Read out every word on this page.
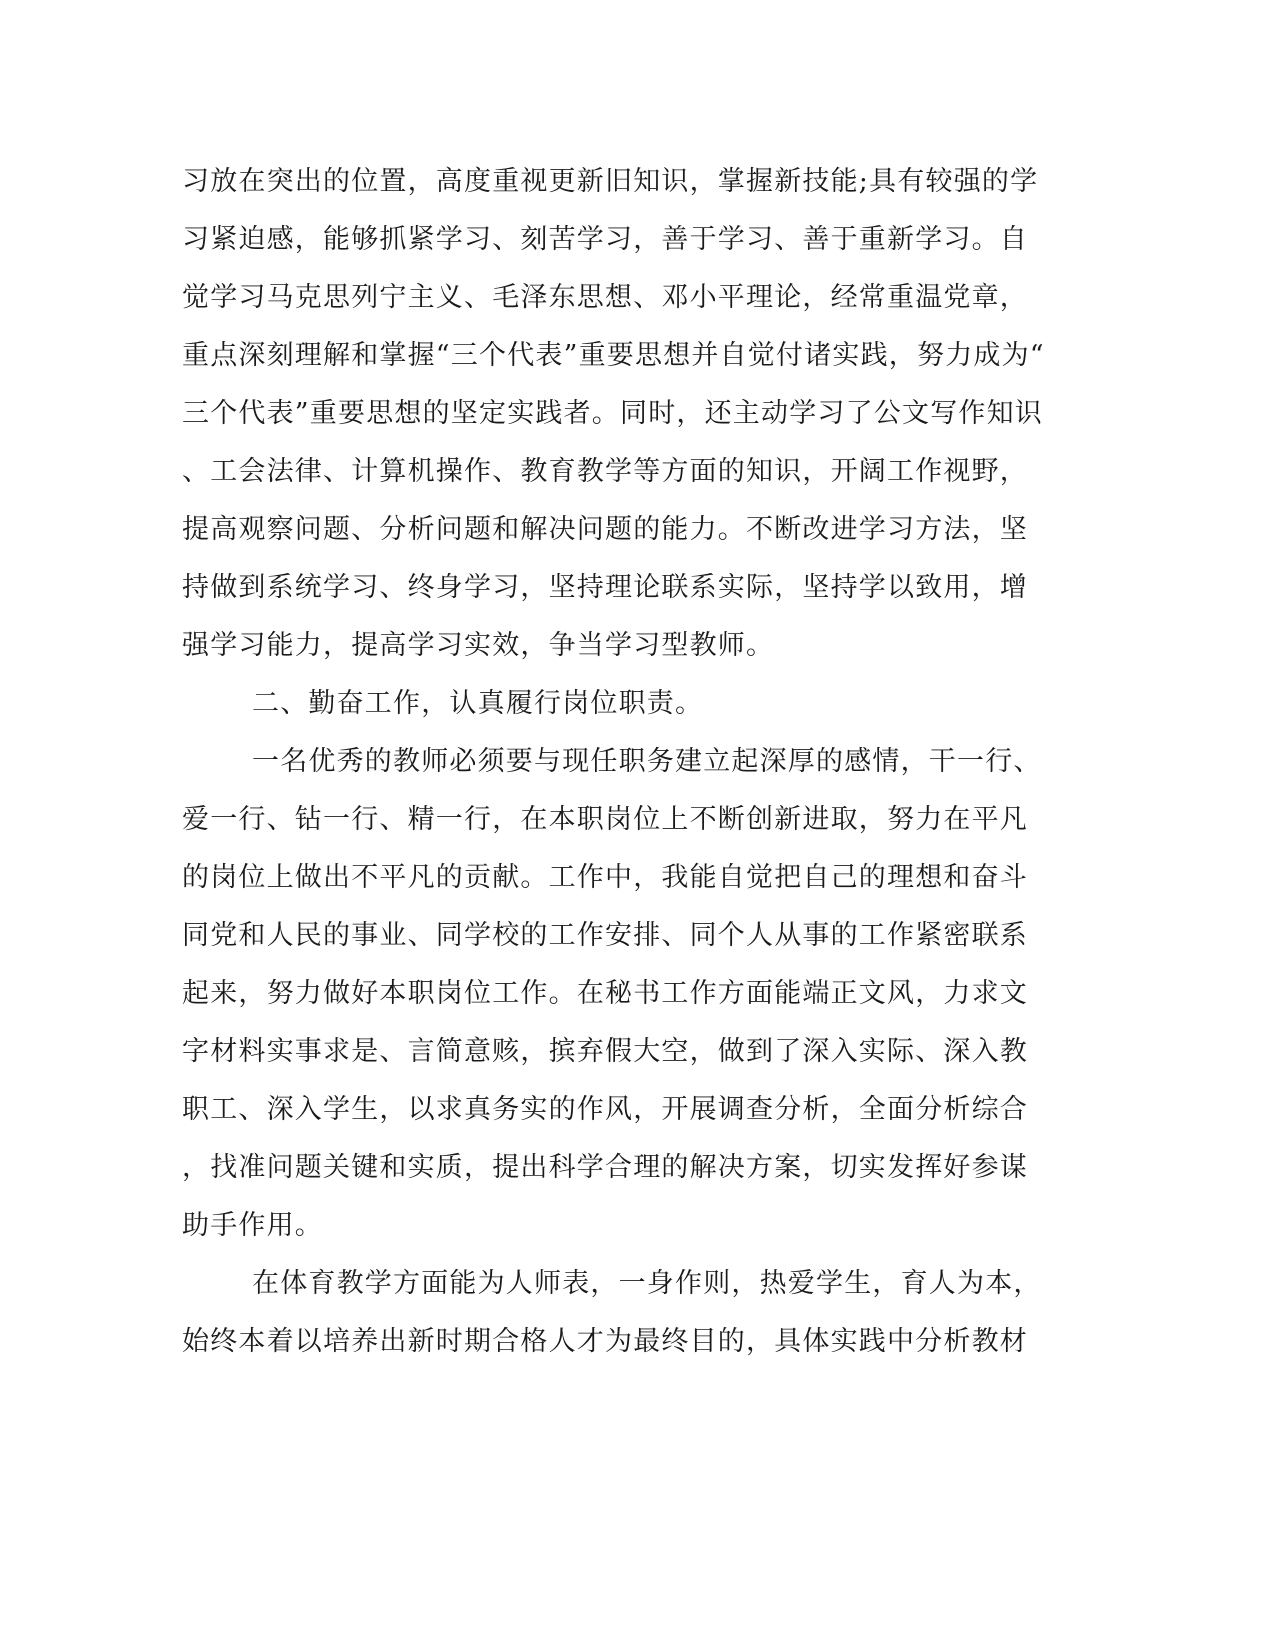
习放在突出的位置，高度重视更新旧知识，掌握新技能;具有较强的学
习紧迫感，能够抓紧学习、刻苦学习，善于学习、善于重新学习。自
觉学习马克思列宁主义、毛泽东思想、邓小平理论，经常重温党章，
重点深刻理解和掌握“三个代表”重要思想并自觉付诸实践，努力成为“
三个代表”重要思想的坚定实践者。同时，还主动学习了公文写作知识
、工会法律、计算机操作、教育教学等方面的知识，开阔工作视野，
提高观察问题、分析问题和解决问题的能力。不断改进学习方法，坚
持做到系统学习、终身学习，坚持理论联系实际，坚持学以致用，增
强学习能力，提高学习实效，争当学习型教师。
二、勤奋工作，认真履行岗位职责。
一名优秀的教师必须要与现任职务建立起深厚的感情，干一行、
爱一行、钻一行、精一行，在本职岗位上不断创新进取，努力在平凡
的岗位上做出不平凡的贡献。工作中，我能自觉把自己的理想和奋斗
同党和人民的事业、同学校的工作安排、同个人从事的工作紧密联系
起来，努力做好本职岗位工作。在秘书工作方面能端正文风，力求文
字材料实事求是、言简意赅，摈弃假大空，做到了深入实际、深入教
职工、深入学生，以求真务实的作风，开展调查分析，全面分析综合
，找准问题关键和实质，提出科学合理的解决方案，切实发挥好参谋
助手作用。
在体育教学方面能为人师表，一身作则，热爱学生，育人为本，
始终本着以培养出新时期合格人才为最终目的，具体实践中分析教材
